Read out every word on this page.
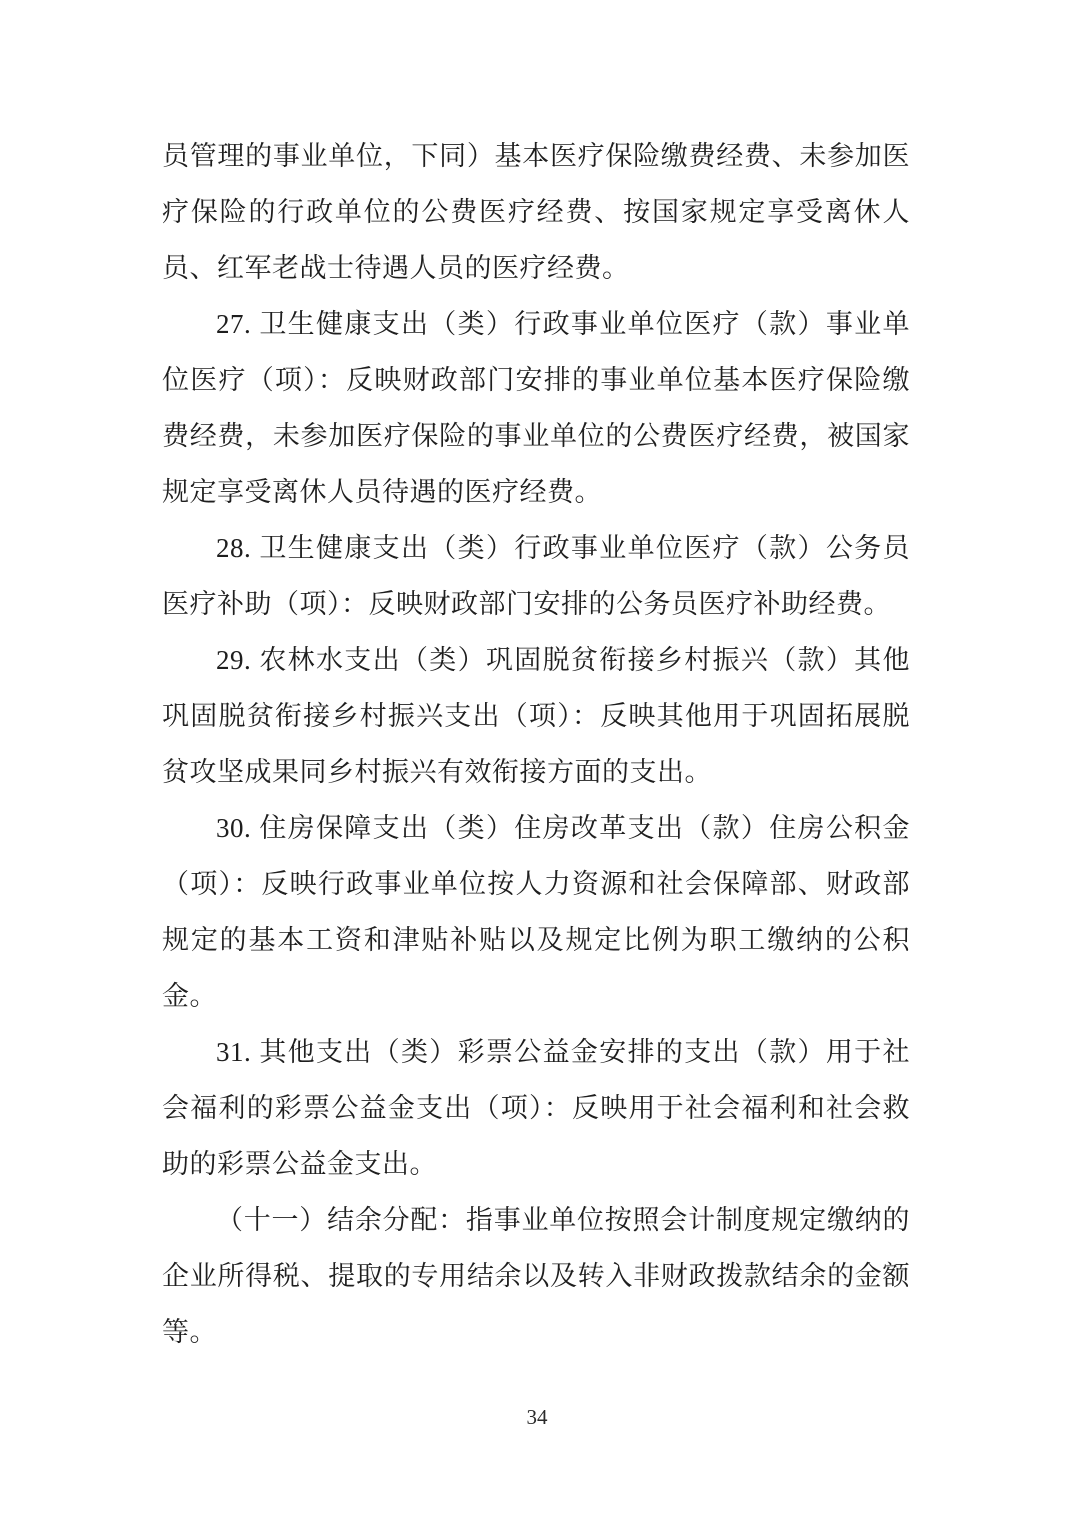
员管理的事业单位，下同）基本医疗保险缴费经费、未参加医疗保险的行政单位的公费医疗经费、按国家规定享受离休人员、红军老战士待遇人员的医疗经费。

27. 卫生健康支出（类）行政事业单位医疗（款）事业单位医疗（项）：反映财政部门安排的事业单位基本医疗保险缴费经费，未参加医疗保险的事业单位的公费医疗经费，被国家规定享受离休人员待遇的医疗经费。

28. 卫生健康支出（类）行政事业单位医疗（款）公务员医疗补助（项）：反映财政部门安排的公务员医疗补助经费。

29. 农林水支出（类）巩固脱贫衔接乡村振兴（款）其他巩固脱贫衔接乡村振兴支出（项）：反映其他用于巩固拓展脱贫攻坚成果同乡村振兴有效衔接方面的支出。

30. 住房保障支出（类）住房改革支出（款）住房公积金（项）：反映行政事业单位按人力资源和社会保障部、财政部规定的基本工资和津贴补贴以及规定比例为职工缴纳的公积金。

31. 其他支出（类）彩票公益金安排的支出（款）用于社会福利的彩票公益金支出（项）：反映用于社会福利和社会救助的彩票公益金支出。

（十一）结余分配：指事业单位按照会计制度规定缴纳的企业所得税、提取的专用结余以及转入非财政拨款结余的金额等。

34
